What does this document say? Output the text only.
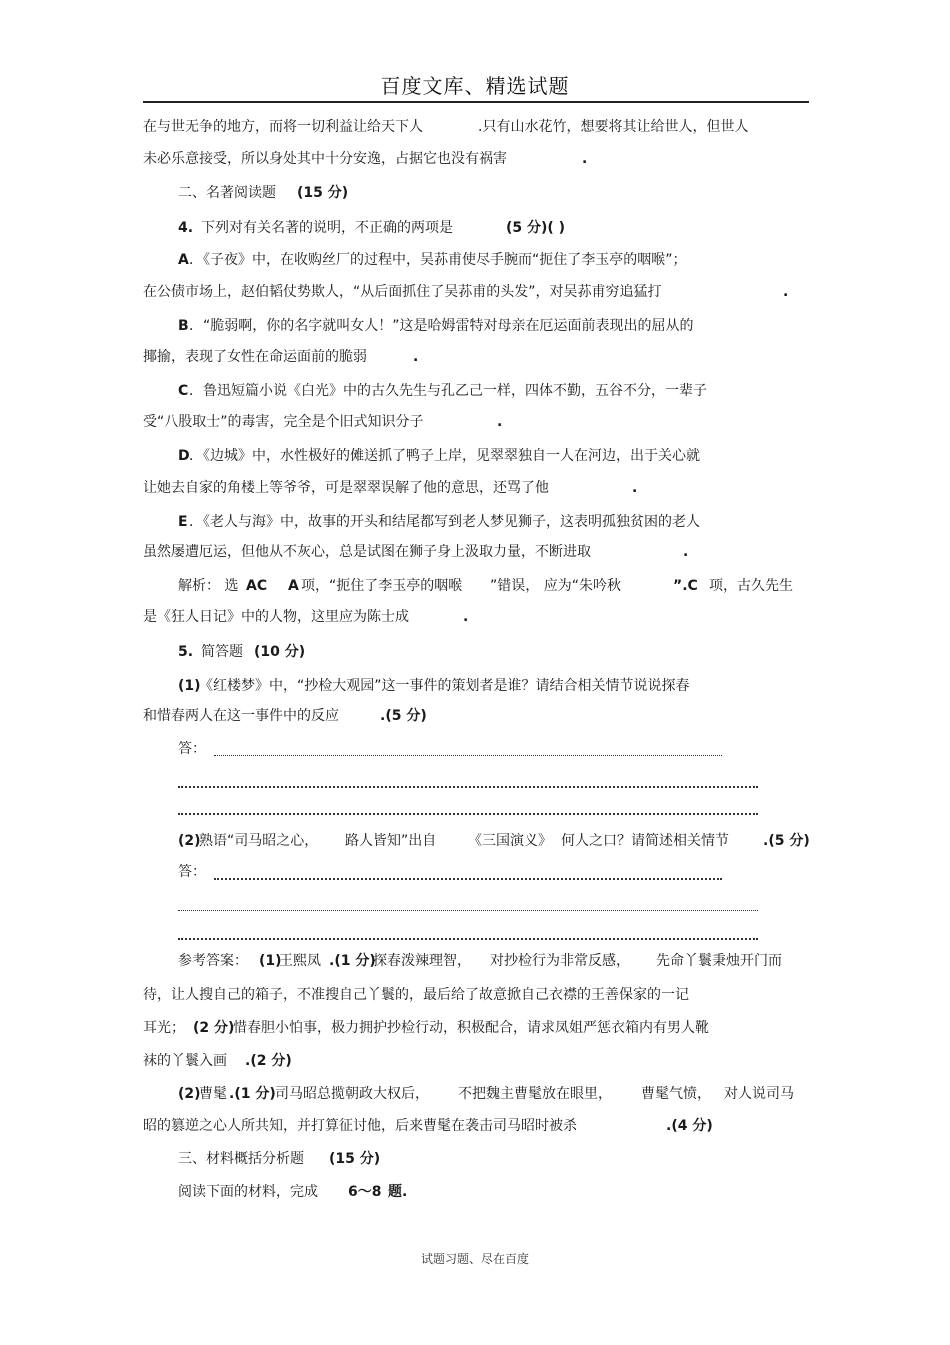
百度文库、精选试题
在与世无争的地方，而将一切利益让给天下人	.只有山水花竹，想要将其让给世人，但世人
未必乐意接受，所以身处其中十分安逸，占据它也没有祸害	.
二、名著阅读题 (15 分)
4. 下列对有关名著的说明，不正确的两项是	(5 分)( )
A ．《子夜》中，在收购丝厂的过程中，吴荪甫使尽手腕而“扼住了李玉亭的咽喉”；
在公债市场上，赵伯韬仗势欺人，“从后面抓住了吴荪甫的头发”，对吴荪甫穷追猛打	.
B ．“脆弱啊，你的名字就叫女人！”这是哈姆雷特对母亲在厄运面前表现出的屈从的
揶揄，表现了女性在命运面前的脆弱	.
C ．鲁迅短篇小说《白光》中的古久先生与孔乙己一样，四体不勤，五谷不分，一辈子
受“八股取士”的毒害，完全是个旧式知识分子	.
D ．《边城》中，水性极好的傩送抓了鸭子上岸，见翠翠独自一人在河边，出于关心就
让她去自家的角楼上等爷爷，可是翠翠误解了他的意思，还骂了他	.
E ．《老人与海》中，故事的开头和结尾都写到老人梦见狮子，这表明孤独贫困的老人
虽然屡遭厄运，但他从不灰心，总是试图在狮子身上汲取力量，不断进取	.
解析： 选 AC A 项，“扼住了李玉亭的咽喉 ”错误， 应为“朱吟秋	”.C 项，古久先生
是《狂人日记》中的人物，这里应为陈士成	.
5. 简答题 (10 分)
(1)
《红楼梦》中，“抄检大观园”这一事件的策划者是谁？请结合相关情节说说探春
和惜春两人在这一事件中的反应	.(5 分)
答：
(2)
熟语“司马昭之心， 路人皆知”出自 《三国演义》 何人之口？请简述相关情节 .(5 分)
答：
参考答案： (1)
王熙凤 .(1 分)
探春泼辣理智， 对抄检行为非常反感， 先命丫鬟秉烛开门而
待，让人搜自己的箱子，不准搜自己丫鬟的，最后给了故意掀自己衣襟的王善保家的一记
耳光； (2 分)
惜春胆小怕事，极力拥护抄检行动，积极配合，请求凤姐严惩衣箱内有男人靴
袜的丫鬟入画 .(2 分)
(2)
曹髦 .(1 分) 司马昭总揽朝政大权后， 不把魏主曹髦放在眼里， 曹髦气愤， 对人说司马
昭的篡逆之心人所共知，并打算征讨他，后来曹髦在袭击司马昭时被杀	.(4 分)
三、材料概括分析题 (15 分)
阅读下面的材料，完成 6～8 题.
试题习题、尽在百度
